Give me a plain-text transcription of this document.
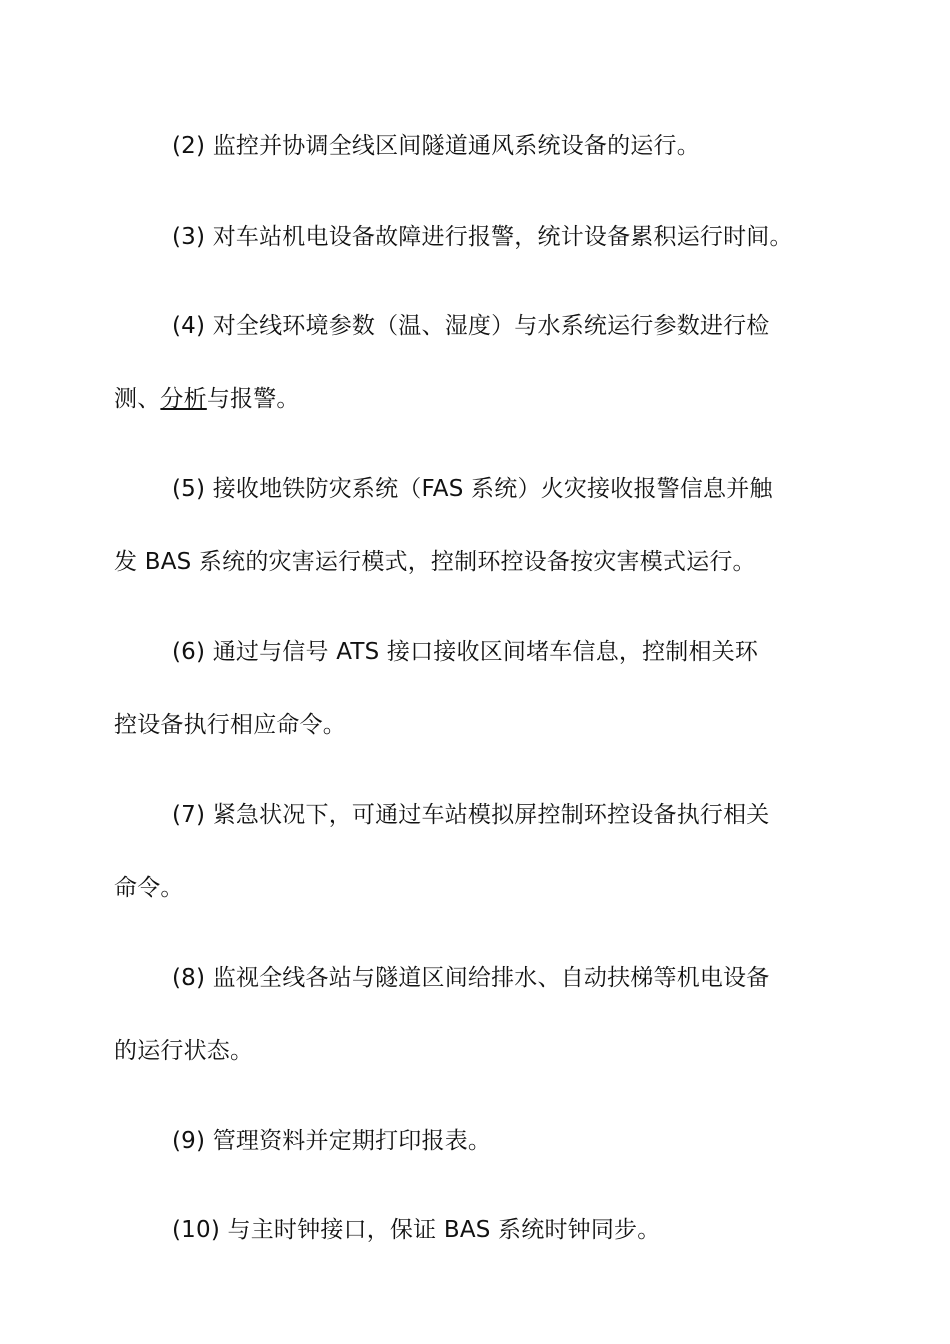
(2) 监控并协调全线区间隧道通风系统设备的运行。
(3) 对车站机电设备故障进行报警，统计设备累积运行时间。
(4) 对全线环境参数（温、湿度）与水系统运行参数进行检
测、分析与报警。
(5) 接收地铁防灾系统（FAS 系统）火灾接收报警信息并触
发 BAS 系统的灾害运行模式，控制环控设备按灾害模式运行。
(6) 通过与信号 ATS 接口接收区间堵车信息，控制相关环
控设备执行相应命令。
(7) 紧急状况下，可通过车站模拟屏控制环控设备执行相关
命令。
(8) 监视全线各站与隧道区间给排水、自动扶梯等机电设备
的运行状态。
(9) 管理资料并定期打印报表。
(10) 与主时钟接口，保证 BAS 系统时钟同步。
